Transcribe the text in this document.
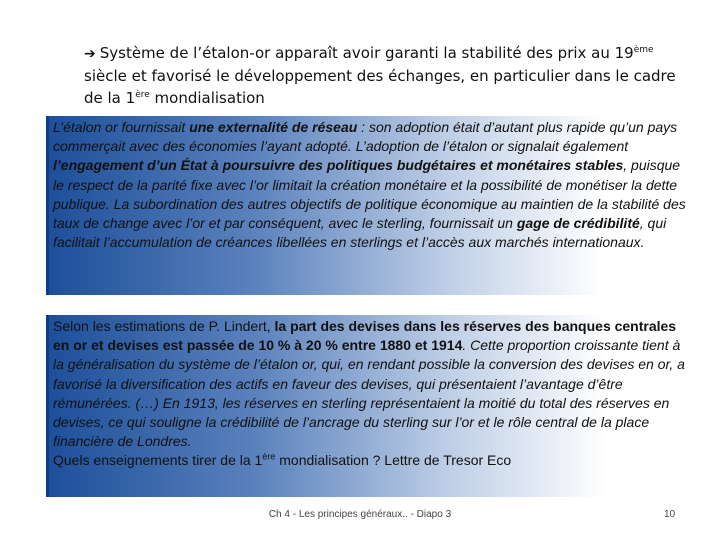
➔ Système de l’étalon-or apparaît avoir garanti la stabilité des prix au 19ème siècle et favorisé le développement des échanges, en particulier dans le cadre de la 1ère mondialisation
L’étalon or fournissait une externalité de réseau : son adoption était d’autant plus rapide qu’un pays commerçait avec des économies l’ayant adopté. L’adoption de l’étalon or signalait également l’engagement d’un État à poursuivre des politiques budgétaires et monétaires stables, puisque le respect de la parité fixe avec l’or limitait la création monétaire et la possibilité de monétiser la dette publique. La subordination des autres objectifs de politique économique au maintien de la stabilité des taux de change avec l’or et par conséquent, avec le sterling, fournissait un gage de crédibilité, qui facilitait l’accumulation de créances libellées en sterlings et l’accès aux marchés internationaux.
Selon les estimations de P. Lindert, la part des devises dans les réserves des banques centrales en or et devises est passée de 10 % à 20 % entre 1880 et 1914. Cette proportion croissante tient à la généralisation du système de l’étalon or, qui, en rendant possible la conversion des devises en or, a favorisé la diversification des actifs en faveur des devises, qui présentaient l’avantage d’être rémunérées. (…) En 1913, les réserves en sterling représentaient la moitié du total des réserves en devises, ce qui souligne la crédibilité de l’ancrage du sterling sur l’or et le rôle central de la place financière de Londres.
Quels enseignements tirer de la 1ère mondialisation ? Lettre de Tresor Eco
Ch 4 - Les principes généraux.. - Diapo 3	10
